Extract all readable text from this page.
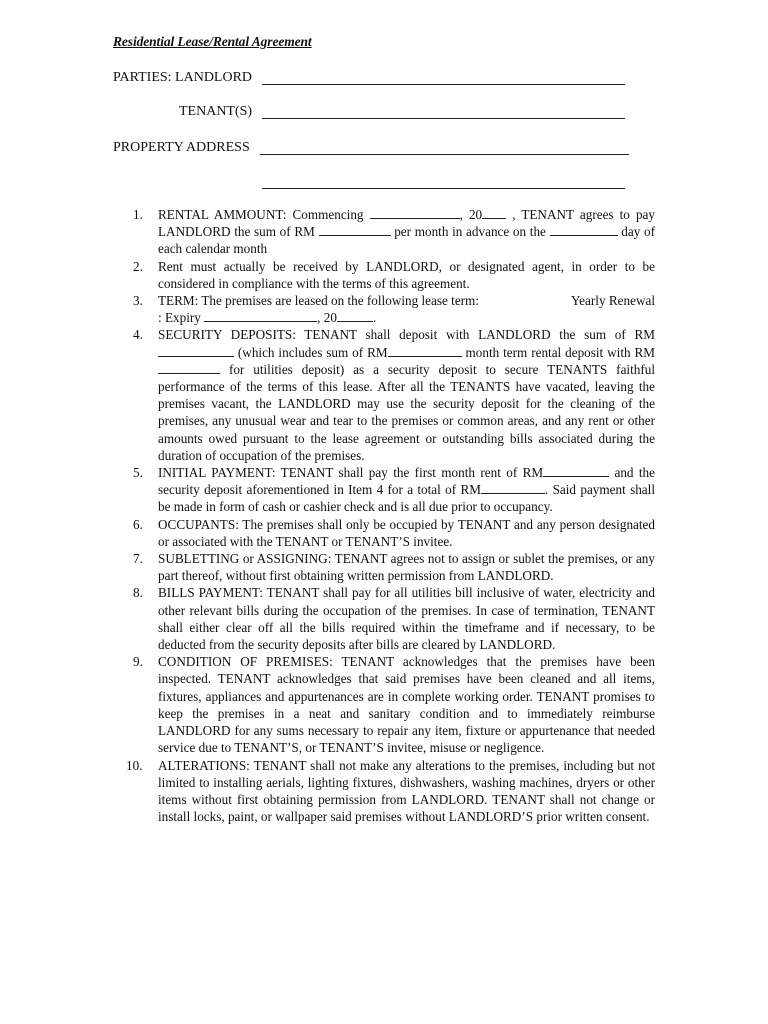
Residential Lease/Rental Agreement
PARTIES: LANDLORD
TENANT(S)
PROPERTY ADDRESS
1. RENTAL AMMOUNT: Commencing	, 20 , TENANT agrees to pay LANDLORD the sum of RM	per month in advance on the	day of each calendar month
2. Rent must actually be received by LANDLORD, or designated agent, in order to be considered in compliance with the terms of this agreement.
3. TERM: The premises are leased on the following lease term:	Yearly Renewal : Expiry	, 20	.
4. SECURITY DEPOSITS: TENANT shall deposit with LANDLORD the sum of RM (which includes sum of RM	month term rental deposit with RM for utilities deposit) as a security deposit to secure TENANTS faithful performance of the terms of this lease. After all the TENANTS have vacated, leaving the premises vacant, the LANDLORD may use the security deposit for the cleaning of the premises, any unusual wear and tear to the premises or common areas, and any rent or other amounts owed pursuant to the lease agreement or outstanding bills associated during the duration of occupation of the premises.
5. INITIAL PAYMENT: TENANT shall pay the first month rent of RM	and the security deposit aforementioned in Item 4 for a total of RM	. Said payment shall be made in form of cash or cashier check and is all due prior to occupancy.
6. OCCUPANTS: The premises shall only be occupied by TENANT and any person designated or associated with the TENANT or TENANT’S invitee.
7. SUBLETTING or ASSIGNING: TENANT agrees not to assign or sublet the premises, or any part thereof, without first obtaining written permission from LANDLORD.
8. BILLS PAYMENT: TENANT shall pay for all utilities bill inclusive of water, electricity and other relevant bills during the occupation of the premises. In case of termination, TENANT shall either clear off all the bills required within the timeframe and if necessary, to be deducted from the security deposits after bills are cleared by LANDLORD.
9. CONDITION OF PREMISES: TENANT acknowledges that the premises have been inspected. TENANT acknowledges that said premises have been cleaned and all items, fixtures, appliances and appurtenances are in complete working order. TENANT promises to keep the premises in a neat and sanitary condition and to immediately reimburse LANDLORD for any sums necessary to repair any item, fixture or appurtenance that needed service due to TENANT’S, or TENANT’S invitee, misuse or negligence.
10. ALTERATIONS: TENANT shall not make any alterations to the premises, including but not limited to installing aerials, lighting fixtures, dishwashers, washing machines, dryers or other items without first obtaining permission from LANDLORD. TENANT shall not change or install locks, paint, or wallpaper said premises without LANDLORD’S prior written consent.
